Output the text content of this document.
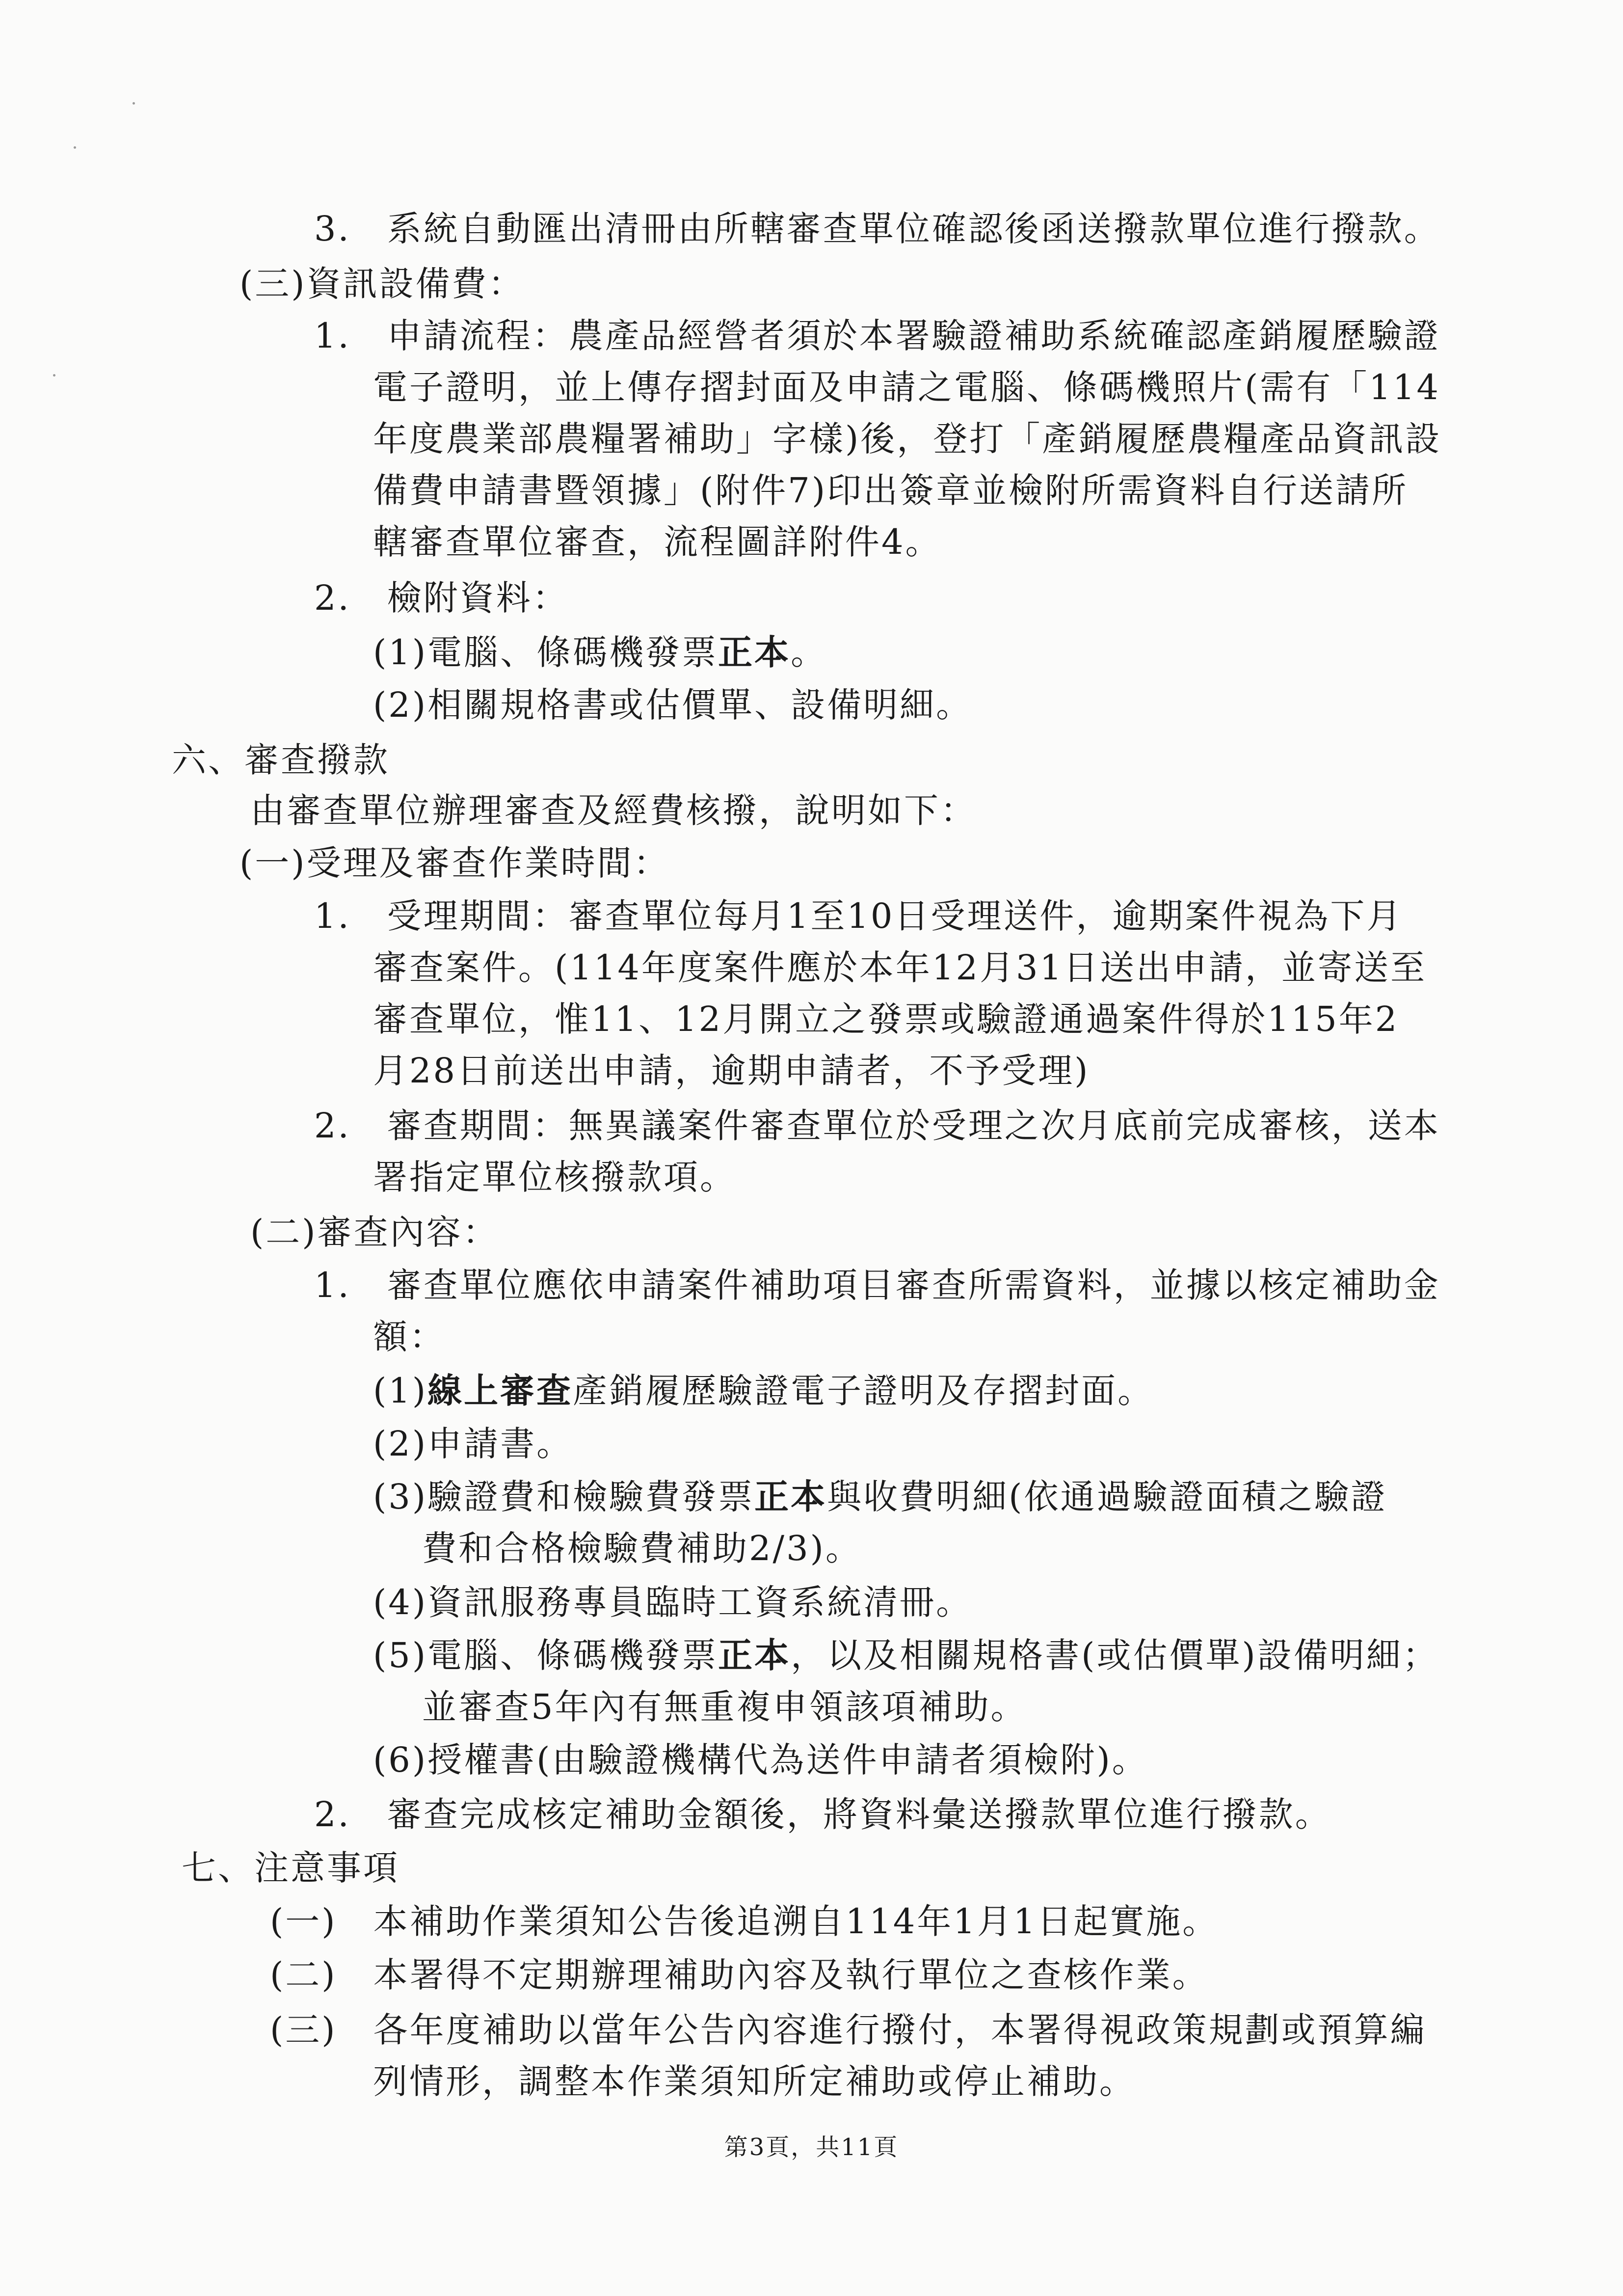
3.　系統自動匯出清冊由所轄審查單位確認後函送撥款單位進行撥款。
(三)資訊設備費：
1.　申請流程：農產品經營者須於本署驗證補助系統確認產銷履歷驗證
電子證明，並上傳存摺封面及申請之電腦、條碼機照片(需有「114
年度農業部農糧署補助」字樣)後，登打「產銷履歷農糧產品資訊設
備費申請書暨領據」(附件7)印出簽章並檢附所需資料自行送請所
轄審查單位審查，流程圖詳附件4。
2.　檢附資料：
(1)電腦、條碼機發票正本。
(2)相關規格書或估價單、設備明細。
六、審查撥款
由審查單位辦理審查及經費核撥，說明如下：
(一)受理及審查作業時間：
1.　受理期間：審查單位每月1至10日受理送件，逾期案件視為下月
審查案件。(114年度案件應於本年12月31日送出申請，並寄送至
審查單位，惟11、12月開立之發票或驗證通過案件得於115年2
月28日前送出申請，逾期申請者，不予受理)
2.　審查期間：無異議案件審查單位於受理之次月底前完成審核，送本
署指定單位核撥款項。
(二)審查內容：
1.　審查單位應依申請案件補助項目審查所需資料，並據以核定補助金
額：
(1)線上審查產銷履歷驗證電子證明及存摺封面。
(2)申請書。
(3)驗證費和檢驗費發票正本與收費明細(依通過驗證面積之驗證
費和合格檢驗費補助2/3)。
(4)資訊服務專員臨時工資系統清冊。
(5)電腦、條碼機發票正本，以及相關規格書(或估價單)設備明細；
並審查5年內有無重複申領該項補助。
(6)授權書(由驗證機構代為送件申請者須檢附)。
2.　審查完成核定補助金額後，將資料彙送撥款單位進行撥款。
七、注意事項
(一)　本補助作業須知公告後追溯自114年1月1日起實施。
(二)　本署得不定期辦理補助內容及執行單位之查核作業。
(三)　各年度補助以當年公告內容進行撥付，本署得視政策規劃或預算編
列情形，調整本作業須知所定補助或停止補助。
第3頁，共11頁
